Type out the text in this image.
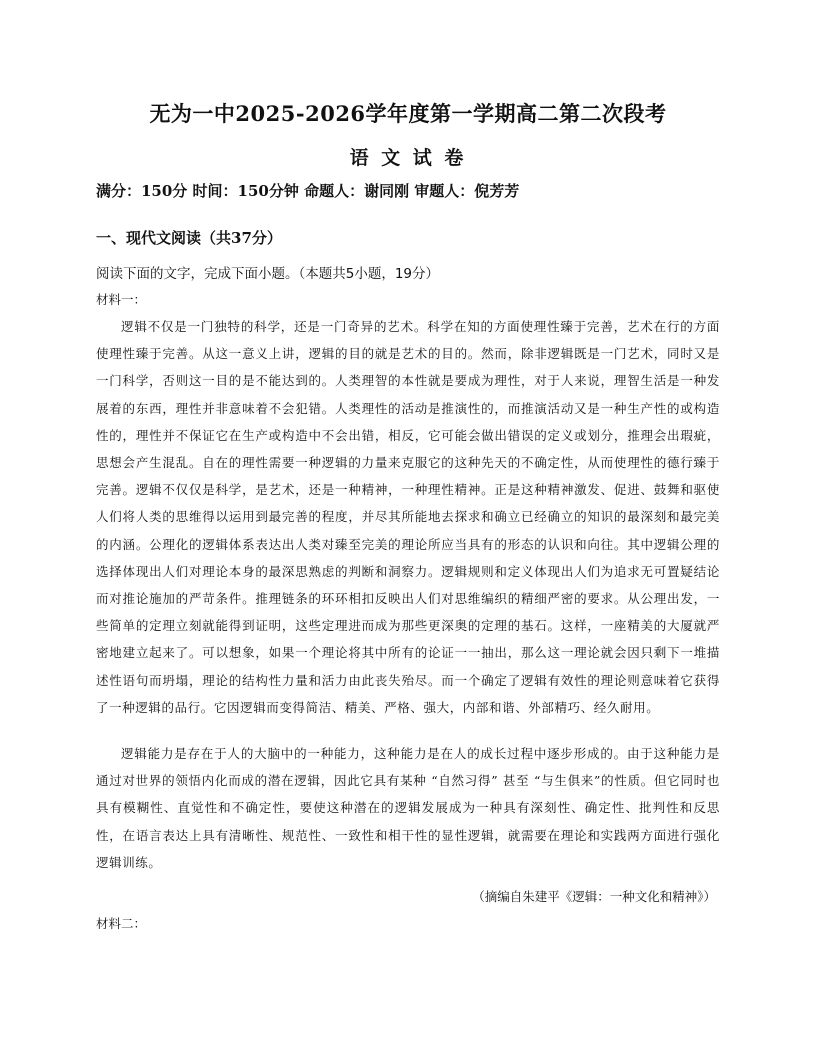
无为一中2025-2026学年度第一学期高二第二次段考
语 文 试 卷
满分：150分 时间：150分钟 命题人：谢同刚 审题人：倪芳芳
一、现代文阅读（共37分）
阅读下面的文字，完成下面小题。（本题共5小题，19分）
材料一：
逻辑不仅是一门独特的科学，还是一门奇异的艺术。科学在知的方面使理性臻于完善，艺术在行的方面使理性臻于完善。从这一意义上讲，逻辑的目的就是艺术的目的。然而，除非逻辑既是一门艺术，同时又是一门科学，否则这一目的是不能达到的。人类理智的本性就是要成为理性，对于人来说，理智生活是一种发展着的东西，理性并非意味着不会犯错。人类理性的活动是推演性的，而推演活动又是一种生产性的或构造性的，理性并不保证它在生产或构造中不会出错，相反，它可能会做出错误的定义或划分，推理会出瑕疵，思想会产生混乱。自在的理性需要一种逻辑的力量来克服它的这种先天的不确定性，从而使理性的德行臻于完善。逻辑不仅仅是科学，是艺术，还是一种精神，一种理性精神。正是这种精神激发、促进、鼓舞和驱使人们将人类的思维得以运用到最完善的程度，并尽其所能地去探求和确立已经确立的知识的最深刻和最完美的内涵。公理化的逻辑体系表达出人类对臻至完美的理论所应当具有的形态的认识和向往。其中逻辑公理的选择体现出人们对理论本身的最深思熟虑的判断和洞察力。逻辑规则和定义体现出人们为追求无可置疑结论而对推论施加的严苛条件。推理链条的环环相扣反映出人们对思维编织的精细严密的要求。从公理出发，一些简单的定理立刻就能得到证明，这些定理进而成为那些更深奥的定理的基石。这样，一座精美的大厦就严密地建立起来了。可以想象，如果一个理论将其中所有的论证一一抽出，那么这一理论就会因只剩下一堆描述性语句而坍塌，理论的结构性力量和活力由此丧失殆尽。而一个确定了逻辑有效性的理论则意味着它获得了一种逻辑的品行。它因逻辑而变得简洁、精美、严格、强大，内部和谐、外部精巧、经久耐用。
逻辑能力是存在于人的大脑中的一种能力，这种能力是在人的成长过程中逐步形成的。由于这种能力是通过对世界的领悟内化而成的潜在逻辑，因此它具有某种 “自然习得” 甚至 “与生俱来”的性质。但它同时也具有模糊性、直觉性和不确定性，要使这种潜在的逻辑发展成为一种具有深刻性、确定性、批判性和反思性，在语言表达上具有清晰性、规范性、一致性和相干性的显性逻辑，就需要在理论和实践两方面进行强化逻辑训练。
（摘编自朱建平《逻辑：一种文化和精神》）
材料二：
